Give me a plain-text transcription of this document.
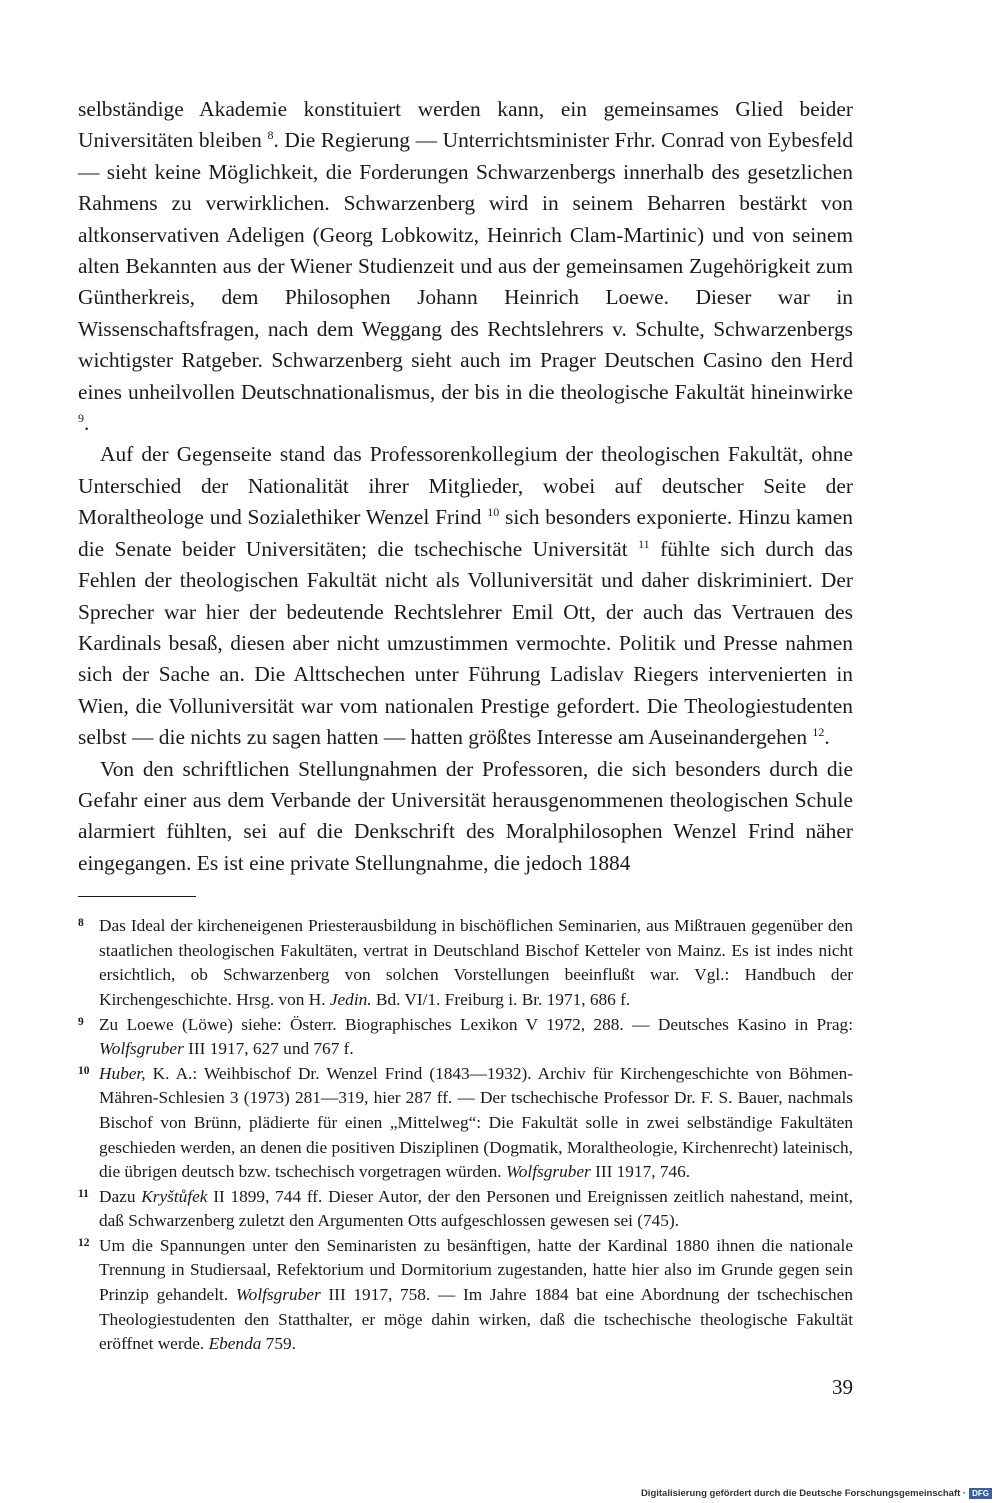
selbständige Akademie konstituiert werden kann, ein gemeinsames Glied beider Universitäten bleiben $^8$. Die Regierung — Unterrichtsminister Frhr. Conrad von Eybesfeld — sieht keine Möglichkeit, die Forderungen Schwarzenbergs innerhalb des gesetzlichen Rahmens zu verwirklichen. Schwarzenberg wird in seinem Beharren bestärkt von altkonservativen Adeligen (Georg Lobkowitz, Heinrich Clam-Martinic) und von seinem alten Bekannten aus der Wiener Studienzeit und aus der gemeinsamen Zugehörigkeit zum Güntherkreis, dem Philosophen Johann Heinrich Loewe. Dieser war in Wissenschaftsfragen, nach dem Weggang des Rechtslehrers v. Schulte, Schwarzenbergs wichtigster Ratgeber. Schwarzenberg sieht auch im Prager Deutschen Casino den Herd eines unheilvollen Deutschnationalismus, der bis in die theologische Fakultät hineinwirke $^9$.

Auf der Gegenseite stand das Professorenkollegium der theologischen Fakultät, ohne Unterschied der Nationalität ihrer Mitglieder, wobei auf deutscher Seite der Moraltheologe und Sozialethiker Wenzel Frind $^{10}$ sich besonders exponierte. Hinzu kamen die Senate beider Universitäten; die tschechische Universität $^{11}$ fühlte sich durch das Fehlen der theologischen Fakultät nicht als Volluniversität und daher diskriminiert. Der Sprecher war hier der bedeutende Rechtslehrer Emil Ott, der auch das Vertrauen des Kardinals besaß, diesen aber nicht umzustimmen vermochte. Politik und Presse nahmen sich der Sache an. Die Alttschechen unter Führung Ladislav Riegers intervenierten in Wien, die Volluniversität war vom nationalen Prestige gefordert. Die Theologiestudenten selbst — die nichts zu sagen hatten — hatten größtes Interesse am Auseinandergehen $^{12}$.

Von den schriftlichen Stellungnahmen der Professoren, die sich besonders durch die Gefahr einer aus dem Verbande der Universität herausgenommenen theologischen Schule alarmiert fühlten, sei auf die Denkschrift des Moralphilosophen Wenzel Frind näher eingegangen. Es ist eine private Stellungnahme, die jedoch 1884

8 Das Ideal der kircheneigenen Priesterausbildung in bischöflichen Seminarien, aus Mißtrauen gegenüber den staatlichen theologischen Fakultäten, vertrat in Deutschland Bischof Ketteler von Mainz. Es ist indes nicht ersichtlich, ob Schwarzenberg von solchen Vorstellungen beeinflußt war. Vgl.: Handbuch der Kirchengeschichte. Hrsg. von H. Jedin. Bd. VI/1. Freiburg i. Br. 1971, 686 f.
9 Zu Loewe (Löwe) siehe: Österr. Biographisches Lexikon V 1972, 288. — Deutsches Kasino in Prag: Wolfsgruber III 1917, 627 und 767 f.
10 Huber, K. A.: Weihbischof Dr. Wenzel Frind (1843—1932). Archiv für Kirchengeschichte von Böhmen-Mähren-Schlesien 3 (1973) 281—319, hier 287 ff. — Der tschechische Professor Dr. F. S. Bauer, nachmals Bischof von Brünn, plädierte für einen „Mittelweg“: Die Fakultät solle in zwei selbständige Fakultäten geschieden werden, an denen die positiven Disziplinen (Dogmatik, Moraltheologie, Kirchenrecht) lateinisch, die übrigen deutsch bzw. tschechisch vorgetragen würden. Wolfsgruber III 1917, 746.
11 Dazu Kryštůfek II 1899, 744 ff. Dieser Autor, der den Personen und Ereignissen zeitlich nahestand, meint, daß Schwarzenberg zuletzt den Argumenten Otts aufgeschlossen gewesen sei (745).
12 Um die Spannungen unter den Seminaristen zu besänftigen, hatte der Kardinal 1880 ihnen die nationale Trennung in Studiersaal, Refektorium und Dormitorium zugestanden, hatte hier also im Grunde gegen sein Prinzip gehandelt. Wolfsgruber III 1917, 758. — Im Jahre 1884 bat eine Abordnung der tschechischen Theologiestudenten den Statthalter, er möge dahin wirken, daß die tschechische theologische Fakultät eröffnet werde. Ebenda 759.
39
Digitalisierung gefördert durch die Deutsche Forschungsgemeinschaft · DFG
